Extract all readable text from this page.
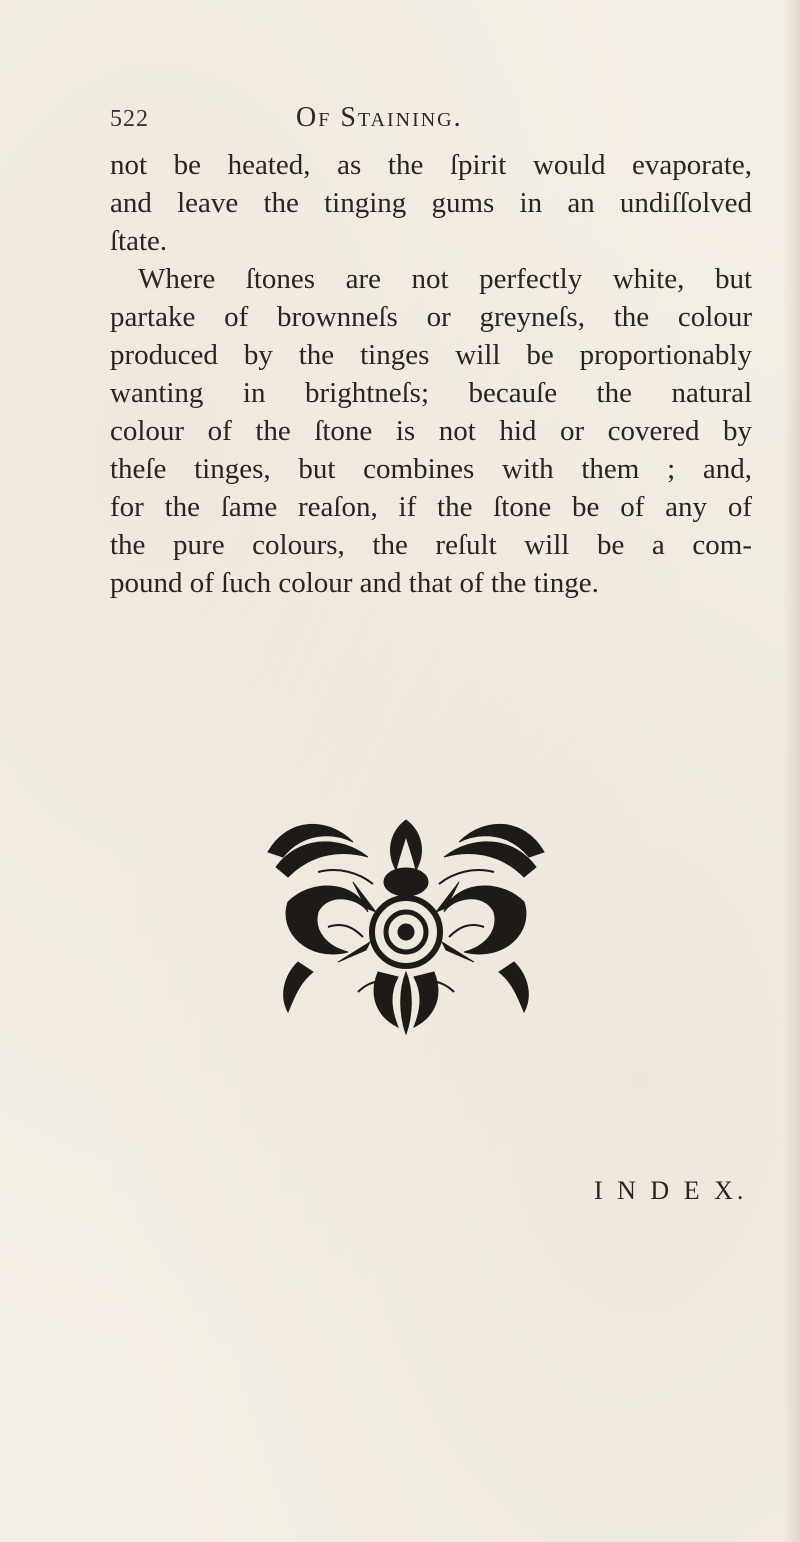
522	Of Staining.
not be heated, as the ſpirit would evaporate,
and leave the tinging gums in an undiſſolved
ſtate.
Where ſtones are not perfectly white, but
partake of brownneſs or greyneſs, the colour
produced by the tinges will be proportionably
wanting in brightneſs; becauſe the natural
colour of the ſtone is not hid or covered by
theſe tinges, but combines with them ; and,
for the ſame reaſon, if the ſtone be of any of
the pure colours, the reſult will be a com-
pound of ſuch colour and that of the tinge.
I N D E X.
